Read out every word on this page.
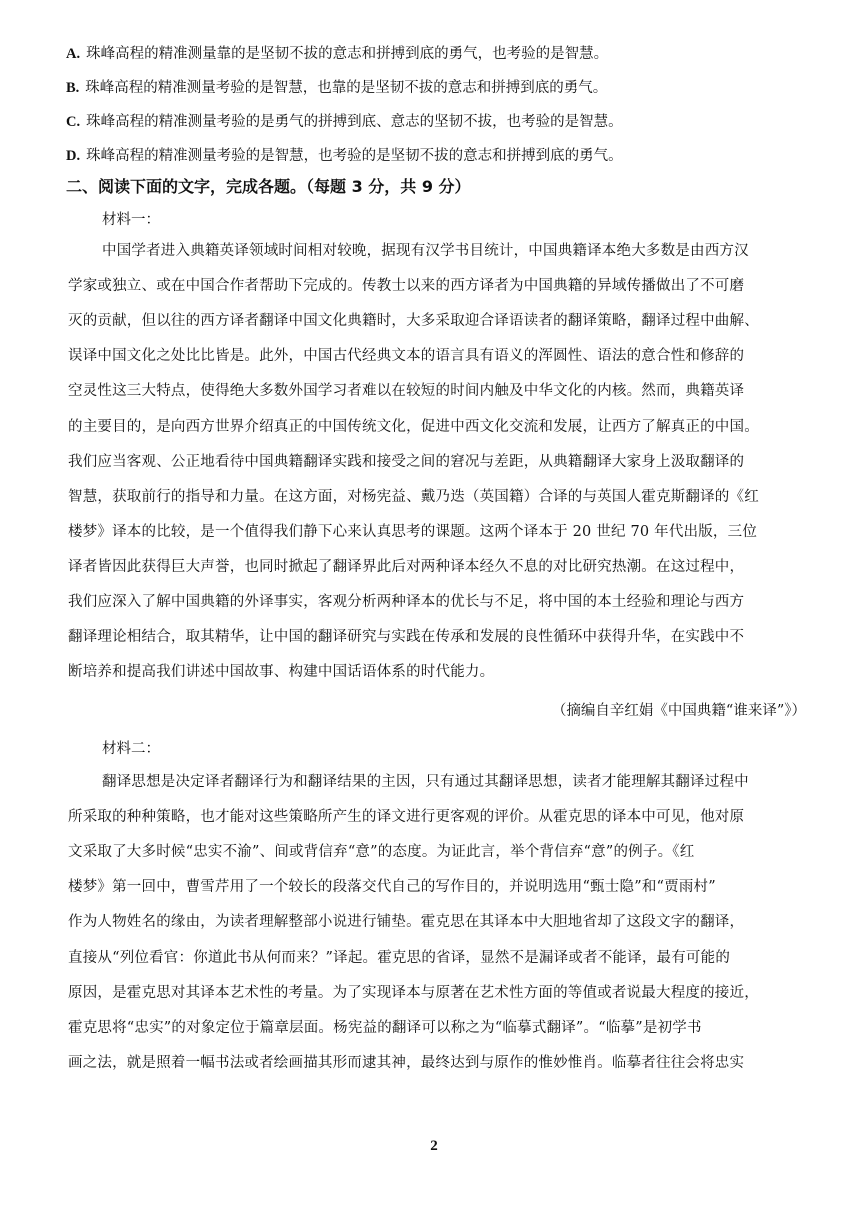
A. 珠峰高程的精准测量靠的是坚韧不拔的意志和拼搏到底的勇气，也考验的是智慧。
B. 珠峰高程的精准测量考验的是智慧，也靠的是坚韧不拔的意志和拼搏到底的勇气。
C. 珠峰高程的精准测量考验的是勇气的拼搏到底、意志的坚韧不拔，也考验的是智慧。
D. 珠峰高程的精准测量考验的是智慧，也考验的是坚韧不拔的意志和拼搏到底的勇气。
二、阅读下面的文字，完成各题。（每题 3 分，共 9 分）
材料一：
中国学者进入典籍英译领域时间相对较晚，据现有汉学书目统计，中国典籍译本绝大多数是由西方汉
学家或独立、或在中国合作者帮助下完成的。传教士以来的西方译者为中国典籍的异域传播做出了不可磨
灭的贡献，但以往的西方译者翻译中国文化典籍时，大多采取迎合译语读者的翻译策略，翻译过程中曲解、
误译中国文化之处比比皆是。此外，中国古代经典文本的语言具有语义的浑圆性、语法的意合性和修辞的
空灵性这三大特点，使得绝大多数外国学习者难以在较短的时间内触及中华文化的内核。然而，典籍英译
的主要目的，是向西方世界介绍真正的中国传统文化，促进中西文化交流和发展，让西方了解真正的中国。
我们应当客观、公正地看待中国典籍翻译实践和接受之间的窘况与差距，从典籍翻译大家身上汲取翻译的
智慧，获取前行的指导和力量。在这方面，对杨宪益、戴乃迭（英国籍）合译的与英国人霍克斯翻译的《红
楼梦》译本的比较，是一个值得我们静下心来认真思考的课题。这两个译本于 20 世纪 70 年代出版，三位
译者皆因此获得巨大声誉，也同时掀起了翻译界此后对两种译本经久不息的对比研究热潮。在这过程中，
我们应深入了解中国典籍的外译事实，客观分析两种译本的优长与不足，将中国的本土经验和理论与西方
翻译理论相结合，取其精华，让中国的翻译研究与实践在传承和发展的良性循环中获得升华，在实践中不
断培养和提高我们讲述中国故事、构建中国话语体系的时代能力。
（摘编自辛红娟《中国典籍“谁来译”》）
材料二：
翻译思想是决定译者翻译行为和翻译结果的主因，只有通过其翻译思想，读者才能理解其翻译过程中
所采取的种种策略，也才能对这些策略所产生的译文进行更客观的评价。从霍克思的译本中可见，他对原
文采取了大多时候“忠实不渝”、间或背信弃“意”的态度。为证此言，举个背信弃“意”的例子。《红
楼梦》第一回中，曹雪芹用了一个较长的段落交代自己的写作目的，并说明选用“甄士隐”和“贾雨村”
作为人物姓名的缘由，为读者理解整部小说进行铺垫。霍克思在其译本中大胆地省却了这段文字的翻译，
直接从“列位看官：你道此书从何而来？”译起。霍克思的省译，显然不是漏译或者不能译，最有可能的
原因，是霍克思对其译本艺术性的考量。为了实现译本与原著在艺术性方面的等值或者说最大程度的接近，
霍克思将“忠实”的对象定位于篇章层面。杨宪益的翻译可以称之为“临摹式翻译”。“临摹”是初学书
画之法，就是照着一幅书法或者绘画描其形而逮其神，最终达到与原作的惟妙惟肖。临摹者往往会将忠实
2
